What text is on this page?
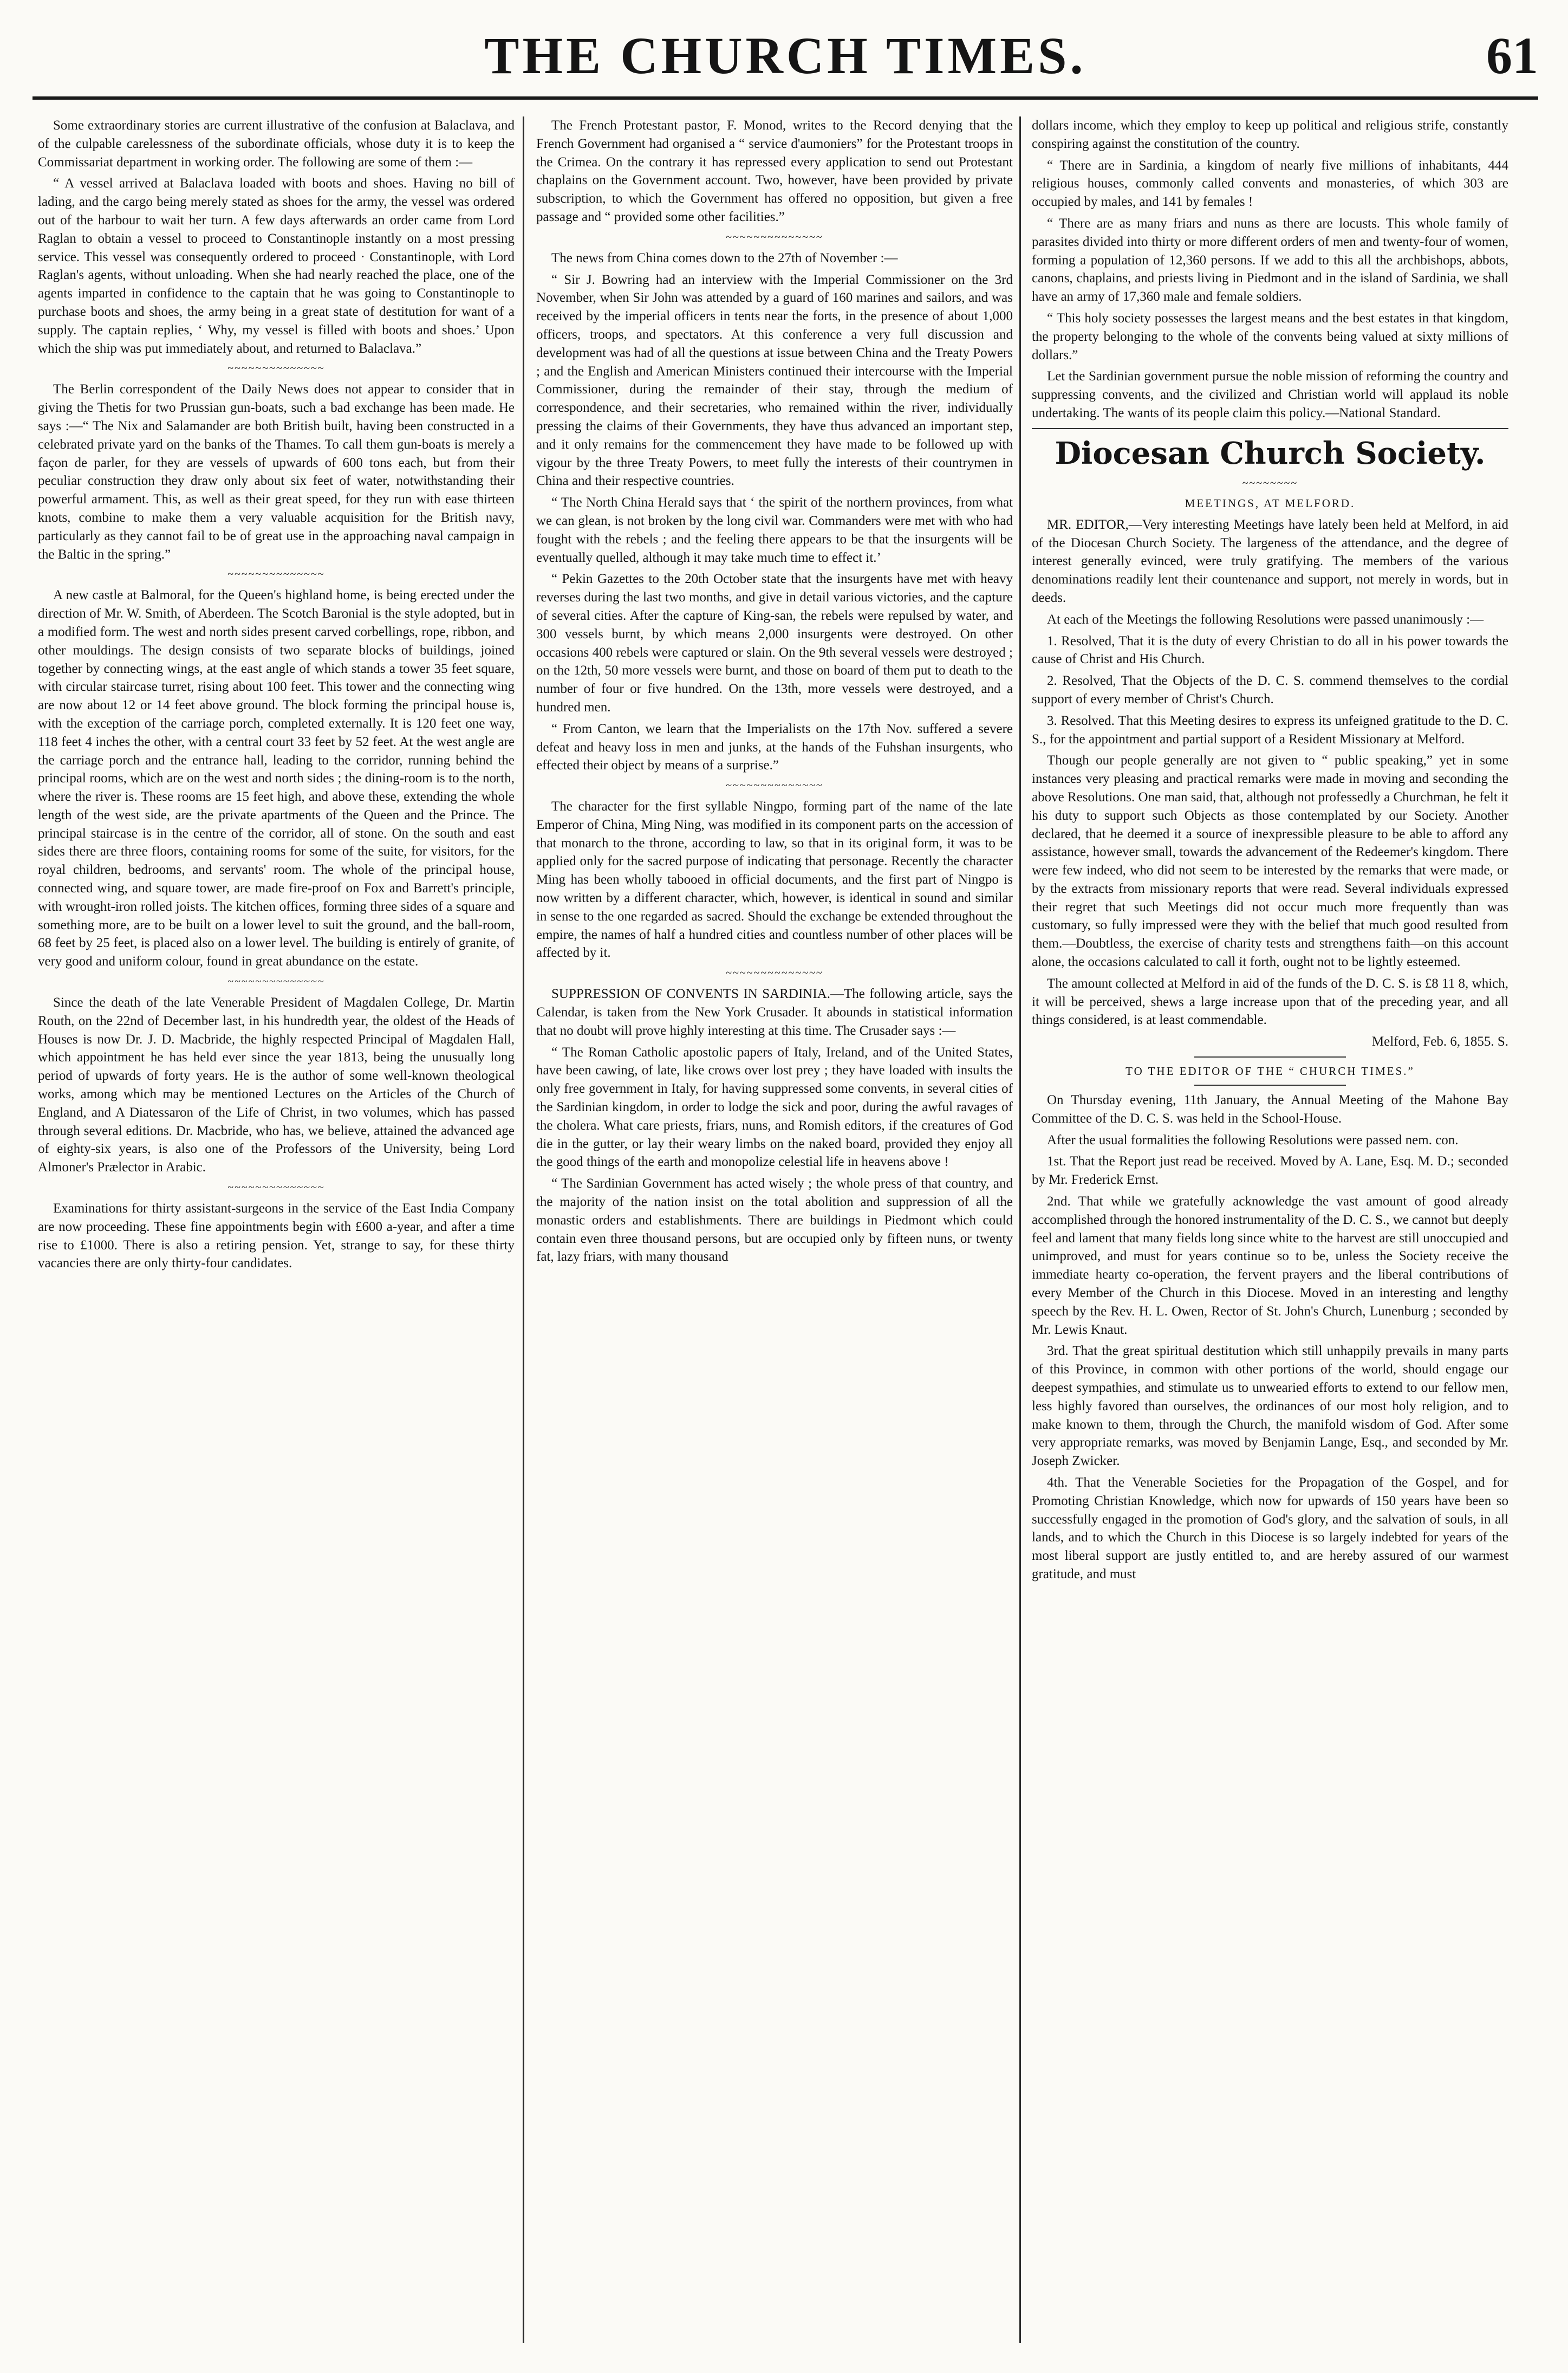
THE CHURCH TIMES.	61

Some extraordinary stories are current illustrative of the confusion at Balaclava, and of the culpable carelessness of the subordinate officials, whose duty it is to keep the Commissariat department in working order. The following are some of them :—

“ A vessel arrived at Balaclava loaded with boots and shoes. Having no bill of lading, and the cargo being merely stated as shoes for the army, the vessel was ordered out of the harbour to wait her turn. A few days afterwards an order came from Lord Raglan to obtain a vessel to proceed to Constantinople instantly on a most pressing service. This vessel was consequently ordered to proceed · Constantinople, with Lord Raglan's agents, without unloading. When she had nearly reached the place, one of the agents imparted in confidence to the captain that he was going to Constantinople to purchase boots and shoes, the army being in a great state of destitution for want of a supply. The captain replies, ‘ Why, my vessel is filled with boots and shoes.’ Upon which the ship was put immediately about, and returned to Balaclava.”

~~~~~~~~~~~~~~

The Berlin correspondent of the Daily News does not appear to consider that in giving the Thetis for two Prussian gun-boats, such a bad exchange has been made. He says :—“ The Nix and Salamander are both British built, having been constructed in a celebrated private yard on the banks of the Thames. To call them gun-boats is merely a façon de parler, for they are vessels of upwards of 600 tons each, but from their peculiar construction they draw only about six feet of water, notwithstanding their powerful armament. This, as well as their great speed, for they run with ease thirteen knots, combine to make them a very valuable acquisition for the British navy, particularly as they cannot fail to be of great use in the approaching naval campaign in the Baltic in the spring.”

~~~~~~~~~~~~~~

A new castle at Balmoral, for the Queen's highland home, is being erected under the direction of Mr. W. Smith, of Aberdeen. The Scotch Baronial is the style adopted, but in a modified form. The west and north sides present carved corbellings, rope, ribbon, and other mouldings. The design consists of two separate blocks of buildings, joined together by connecting wings, at the east angle of which stands a tower 35 feet square, with circular staircase turret, rising about 100 feet. This tower and the connecting wing are now about 12 or 14 feet above ground. The block forming the principal house is, with the exception of the carriage porch, completed externally. It is 120 feet one way, 118 feet 4 inches the other, with a central court 33 feet by 52 feet. At the west angle are the carriage porch and the entrance hall, leading to the corridor, running behind the principal rooms, which are on the west and north sides ; the dining-room is to the north, where the river is. These rooms are 15 feet high, and above these, extending the whole length of the west side, are the private apartments of the Queen and the Prince. The principal staircase is in the centre of the corridor, all of stone. On the south and east sides there are three floors, containing rooms for some of the suite, for visitors, for the royal children, bedrooms, and servants' room. The whole of the principal house, connected wing, and square tower, are made fire-proof on Fox and Barrett's principle, with wrought-iron rolled joists. The kitchen offices, forming three sides of a square and something more, are to be built on a lower level to suit the ground, and the ball-room, 68 feet by 25 feet, is placed also on a lower level. The building is entirely of granite, of very good and uniform colour, found in great abundance on the estate.

~~~~~~~~~~~~~~

Since the death of the late Venerable President of Magdalen College, Dr. Martin Routh, on the 22nd of December last, in his hundredth year, the oldest of the Heads of Houses is now Dr. J. D. Macbride, the highly respected Principal of Magdalen Hall, which appointment he has held ever since the year 1813, being the unusually long period of upwards of forty years. He is the author of some well-known theological works, among which may be mentioned Lectures on the Articles of the Church of England, and A Diatessaron of the Life of Christ, in two volumes, which has passed through several editions. Dr. Macbride, who has, we believe, attained the advanced age of eighty-six years, is also one of the Professors of the University, being Lord Almoner's Prælector in Arabic.

~~~~~~~~~~~~~~

Examinations for thirty assistant-surgeons in the service of the East India Company are now proceeding. These fine appointments begin with £600 a-year, and after a time rise to £1000. There is also a retiring pension. Yet, strange to say, for these thirty vacancies there are only thirty-four candidates.

The French Protestant pastor, F. Monod, writes to the Record denying that the French Government had organised a “ service d'aumoniers” for the Protestant troops in the Crimea. On the contrary it has repressed every application to send out Protestant chaplains on the Government account. Two, however, have been provided by private subscription, to which the Government has offered no opposition, but given a free passage and “ provided some other facilities.”

~~~~~~~~~~~~~~

The news from China comes down to the 27th of November :—

“ Sir J. Bowring had an interview with the Imperial Commissioner on the 3rd November, when Sir John was attended by a guard of 160 marines and sailors, and was received by the imperial officers in tents near the forts, in the presence of about 1,000 officers, troops, and spectators. At this conference a very full discussion and development was had of all the questions at issue between China and the Treaty Powers ; and the English and American Ministers continued their intercourse with the Imperial Commissioner, during the remainder of their stay, through the medium of correspondence, and their secretaries, who remained within the river, individually pressing the claims of their Governments, they have thus advanced an important step, and it only remains for the commencement they have made to be followed up with vigour by the three Treaty Powers, to meet fully the interests of their countrymen in China and their respective countries.

“ The North China Herald says that ‘ the spirit of the northern provinces, from what we can glean, is not broken by the long civil war. Commanders were met with who had fought with the rebels ; and the feeling there appears to be that the insurgents will be eventually quelled, although it may take much time to effect it.’

“ Pekin Gazettes to the 20th October state that the insurgents have met with heavy reverses during the last two months, and give in detail various victories, and the capture of several cities. After the capture of King-san, the rebels were repulsed by water, and 300 vessels burnt, by which means 2,000 insurgents were destroyed. On other occasions 400 rebels were captured or slain. On the 9th several vessels were destroyed ; on the 12th, 50 more vessels were burnt, and those on board of them put to death to the number of four or five hundred. On the 13th, more vessels were destroyed, and a hundred men.

“ From Canton, we learn that the Imperialists on the 17th Nov. suffered a severe defeat and heavy loss in men and junks, at the hands of the Fuhshan insurgents, who effected their object by means of a surprise.”

~~~~~~~~~~~~~~

The character for the first syllable Ningpo, forming part of the name of the late Emperor of China, Ming Ning, was modified in its component parts on the accession of that monarch to the throne, according to law, so that in its original form, it was to be applied only for the sacred purpose of indicating that personage. Recently the character Ming has been wholly tabooed in official documents, and the first part of Ningpo is now written by a different character, which, however, is identical in sound and similar in sense to the one regarded as sacred. Should the exchange be extended throughout the empire, the names of half a hundred cities and countless number of other places will be affected by it.

~~~~~~~~~~~~~~

SUPPRESSION OF CONVENTS IN SARDINIA.—The following article, says the Calendar, is taken from the New York Crusader. It abounds in statistical information that no doubt will prove highly interesting at this time. The Crusader says :—

“ The Roman Catholic apostolic papers of Italy, Ireland, and of the United States, have been cawing, of late, like crows over lost prey ; they have loaded with insults the only free government in Italy, for having suppressed some convents, in several cities of the Sardinian kingdom, in order to lodge the sick and poor, during the awful ravages of the cholera. What care priests, friars, nuns, and Romish editors, if the creatures of God die in the gutter, or lay their weary limbs on the naked board, provided they enjoy all the good things of the earth and monopolize celestial life in heavens above !

“ The Sardinian Government has acted wisely ; the whole press of that country, and the majority of the nation insist on the total abolition and suppression of all the monastic orders and establishments. There are buildings in Piedmont which could contain even three thousand persons, but are occupied only by fifteen nuns, or twenty fat, lazy friars, with many thousand

dollars income, which they employ to keep up political and religious strife, constantly conspiring against the constitution of the country.

“ There are in Sardinia, a kingdom of nearly five millions of inhabitants, 444 religious houses, commonly called convents and monasteries, of which 303 are occupied by males, and 141 by females !

“ There are as many friars and nuns as there are locusts. This whole family of parasites divided into thirty or more different orders of men and twenty-four of women, forming a population of 12,360 persons. If we add to this all the archbishops, abbots, canons, chaplains, and priests living in Piedmont and in the island of Sardinia, we shall have an army of 17,360 male and female soldiers.

“ This holy society possesses the largest means and the best estates in that kingdom, the property belonging to the whole of the convents being valued at sixty millions of dollars.”

Let the Sardinian government pursue the noble mission of reforming the country and suppressing convents, and the civilized and Christian world will applaud its noble undertaking. The wants of its people claim this policy.—National Standard.

Diocesan Church Society.
~~~~~~~~
MEETINGS, AT MELFORD.

MR. EDITOR,—Very interesting Meetings have lately been held at Melford, in aid of the Diocesan Church Society. The largeness of the attendance, and the degree of interest generally evinced, were truly gratifying. The members of the various denominations readily lent their countenance and support, not merely in words, but in deeds.

At each of the Meetings the following Resolutions were passed unanimously :—

1. Resolved, That it is the duty of every Christian to do all in his power towards the cause of Christ and His Church.

2. Resolved, That the Objects of the D. C. S. commend themselves to the cordial support of every member of Christ's Church.

3. Resolved. That this Meeting desires to express its unfeigned gratitude to the D. C. S., for the appointment and partial support of a Resident Missionary at Melford.

Though our people generally are not given to “ public speaking,” yet in some instances very pleasing and practical remarks were made in moving and seconding the above Resolutions. One man said, that, although not professedly a Churchman, he felt it his duty to support such Objects as those contemplated by our Society. Another declared, that he deemed it a source of inexpressible pleasure to be able to afford any assistance, however small, towards the advancement of the Redeemer's kingdom. There were few indeed, who did not seem to be interested by the remarks that were made, or by the extracts from missionary reports that were read. Several individuals expressed their regret that such Meetings did not occur much more frequently than was customary, so fully impressed were they with the belief that much good resulted from them.—Doubtless, the exercise of charity tests and strengthens faith—on this account alone, the occasions calculated to call it forth, ought not to be lightly esteemed.

The amount collected at Melford in aid of the funds of the D. C. S. is £8 11 8, which, it will be perceived, shews a large increase upon that of the preceding year, and all things considered, is at least commendable.

Melford, Feb. 6, 1855. S.

TO THE EDITOR OF THE “ CHURCH TIMES.”

On Thursday evening, 11th January, the Annual Meeting of the Mahone Bay Committee of the D. C. S. was held in the School-House.

After the usual formalities the following Resolutions were passed nem. con.

1st. That the Report just read be received. Moved by A. Lane, Esq. M. D.; seconded by Mr. Frederick Ernst.

2nd. That while we gratefully acknowledge the vast amount of good already accomplished through the honored instrumentality of the D. C. S., we cannot but deeply feel and lament that many fields long since white to the harvest are still unoccupied and unimproved, and must for years continue so to be, unless the Society receive the immediate hearty co-operation, the fervent prayers and the liberal contributions of every Member of the Church in this Diocese. Moved in an interesting and lengthy speech by the Rev. H. L. Owen, Rector of St. John's Church, Lunenburg ; seconded by Mr. Lewis Knaut.

3rd. That the great spiritual destitution which still unhappily prevails in many parts of this Province, in common with other portions of the world, should engage our deepest sympathies, and stimulate us to unwearied efforts to extend to our fellow men, less highly favored than ourselves, the ordinances of our most holy religion, and to make known to them, through the Church, the manifold wisdom of God. After some very appropriate remarks, was moved by Benjamin Lange, Esq., and seconded by Mr. Joseph Zwicker.

4th. That the Venerable Societies for the Propagation of the Gospel, and for Promoting Christian Knowledge, which now for upwards of 150 years have been so successfully engaged in the promotion of God's glory, and the salvation of souls, in all lands, and to which the Church in this Diocese is so largely indebted for years of the most liberal support are justly entitled to, and are hereby assured of our warmest gratitude, and must
